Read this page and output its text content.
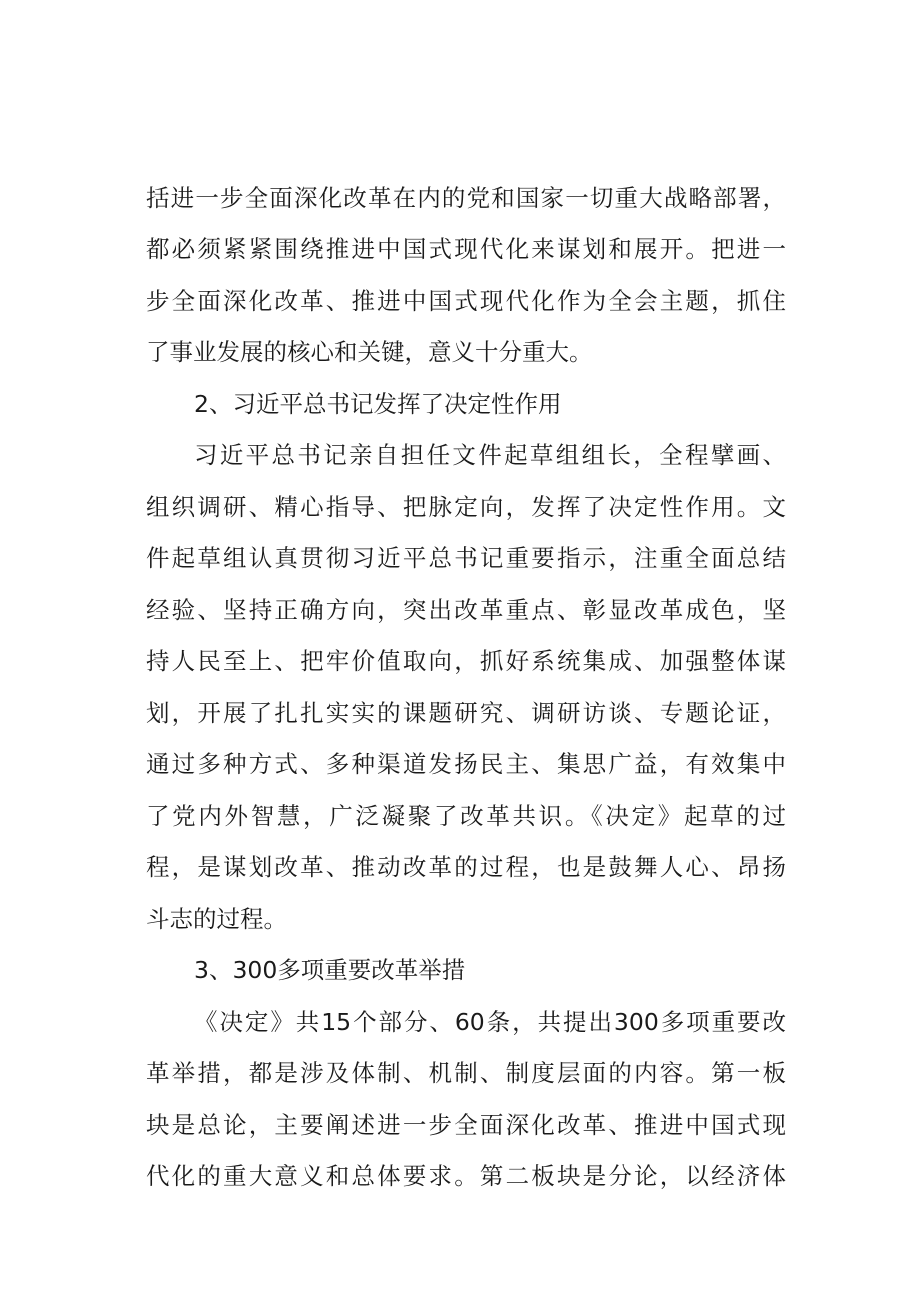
括进一步全面深化改革在内的党和国家一切重大战略部署，
都必须紧紧围绕推进中国式现代化来谋划和展开。把进一
步全面深化改革、推进中国式现代化作为全会主题，抓住
了事业发展的核心和关键，意义十分重大。
2、习近平总书记发挥了决定性作用
习近平总书记亲自担任文件起草组组长，全程擘画、
组织调研、精心指导、把脉定向，发挥了决定性作用。文
件起草组认真贯彻习近平总书记重要指示，注重全面总结
经验、坚持正确方向，突出改革重点、彰显改革成色，坚
持人民至上、把牢价值取向，抓好系统集成、加强整体谋
划，开展了扎扎实实的课题研究、调研访谈、专题论证，
通过多种方式、多种渠道发扬民主、集思广益，有效集中
了党内外智慧，广泛凝聚了改革共识。《决定》起草的过
程，是谋划改革、推动改革的过程，也是鼓舞人心、昂扬
斗志的过程。
3、300多项重要改革举措
《决定》共15个部分、60条，共提出300多项重要改
革举措，都是涉及体制、机制、制度层面的内容。第一板
块是总论，主要阐述进一步全面深化改革、推进中国式现
代化的重大意义和总体要求。第二板块是分论，以经济体
